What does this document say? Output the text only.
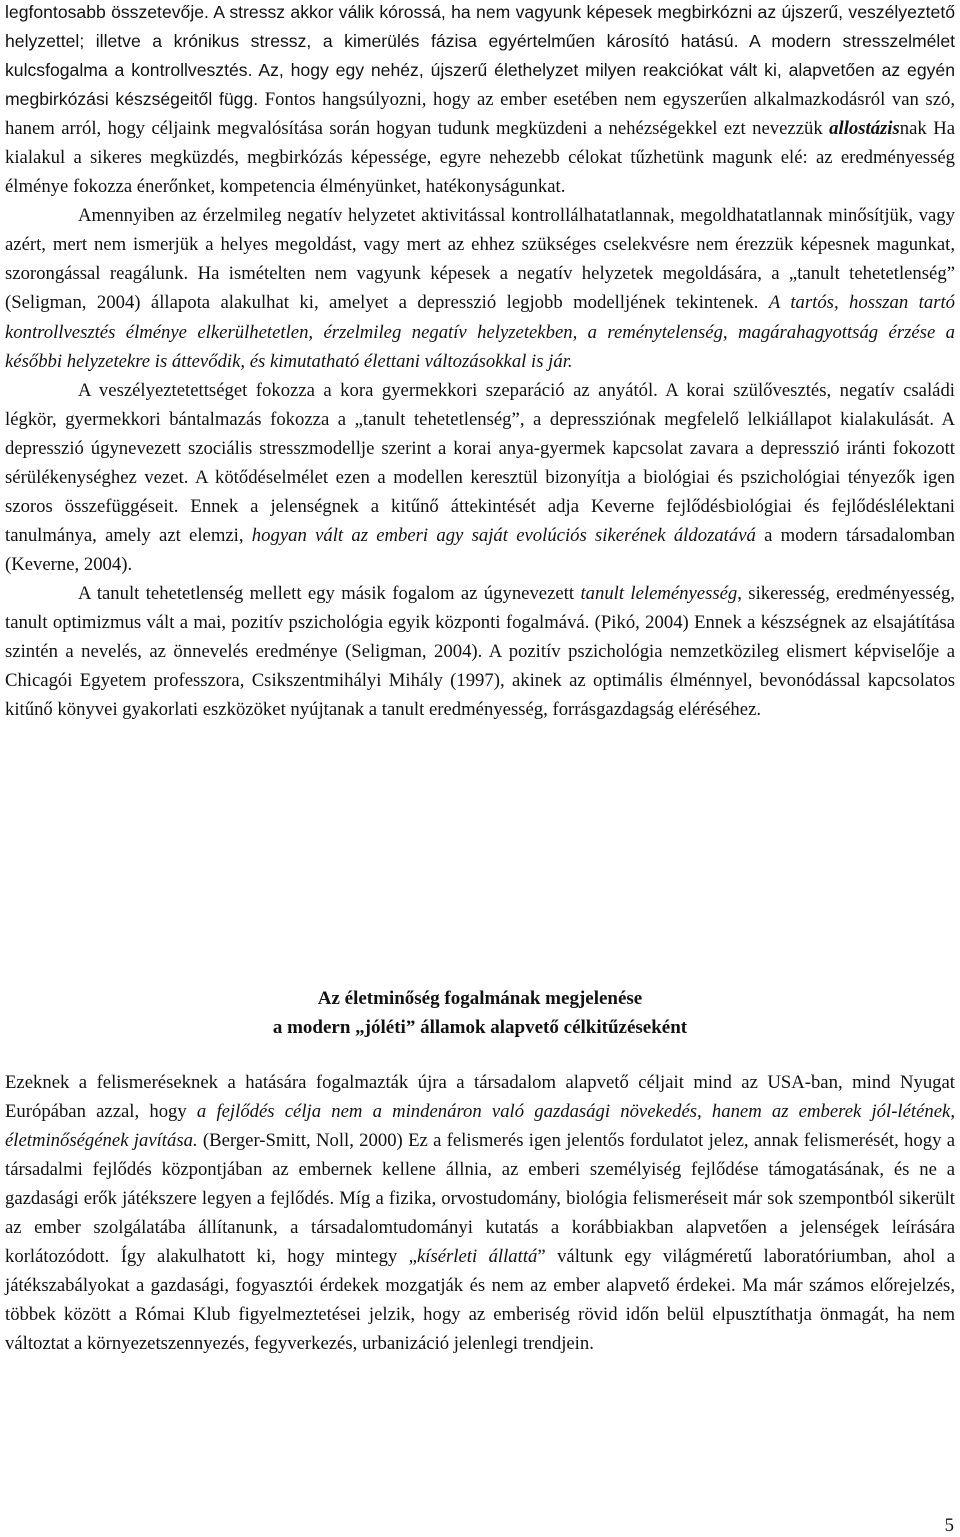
legfontosabb összetevője. A stressz akkor válik kórossá, ha nem vagyunk képesek megbirkózni az újszerű, veszélyeztető helyzettel; illetve a krónikus stressz, a kimerülés fázisa egyértelműen károsító hatású. A modern stresszelmélet kulcsfogalma a kontrollvesztés. Az, hogy egy nehéz, újszerű élethelyzet milyen reakciókat vált ki, alapvetően az egyén megbirkózási készségeitől függ. Fontos hangsúlyozni, hogy az ember esetében nem egyszerűen alkalmazkodásról van szó, hanem arról, hogy céljaink megvalósítása során hogyan tudunk megküzdeni a nehézségekkel ezt nevezzük allostázisnak Ha kialakul a sikeres megküzdés, megbirkózás képessége, egyre nehezebb célokat tűzhetünk magunk elé: az eredményesség élménye fokozza énerőnket, kompetencia élményünket, hatékonyságunkat.

Amennyiben az érzelmileg negatív helyzetet aktivitással kontrollálhatatlannak, megoldhatatlannak minősítjük, vagy azért, mert nem ismerjük a helyes megoldást, vagy mert az ehhez szükséges cselekvésre nem érezzük képesnek magunkat, szorongással reagálunk. Ha ismételten nem vagyunk képesek a negatív helyzetek megoldására, a „tanult tehetetlenség” (Seligman, 2004) állapota alakulhat ki, amelyet a depresszió legjobb modelljének tekintenek. A tartós, hosszan tartó kontrollvesztés élménye elkerülhetetlen, érzelmileg negatív helyzetekben, a reménytelenség, magárahagyottság érzése a későbbi helyzetekre is áttevődik, és kimutatható élettani változásokkal is jár.

A veszélyeztetettséget fokozza a kora gyermekkori szeparáció az anyától. A korai szülővesztés, negatív családi légkör, gyermekkori bántalmazás fokozza a „tanult tehetetlenség”, a depressziónak megfelelő lelkiállapot kialakulását. A depresszió úgynevezett szociális stresszmodellje szerint a korai anya-gyermek kapcsolat zavara a depresszió iránti fokozott sérülékenységhez vezet. A kötődéselmélet ezen a modellen keresztül bizonyítja a biológiai és pszichológiai tényezők igen szoros összefüggéseit. Ennek a jelenségnek a kitűnő áttekintését adja Keverne fejlődésbiológiai és fejlődéslélektani tanulmánya, amely azt elemzi, hogyan vált az emberi agy saját evolúciós sikerének áldozatává a modern társadalomban (Keverne, 2004).

A tanult tehetetlenség mellett egy másik fogalom az úgynevezett tanult leleményesség, sikeresség, eredményesség, tanult optimizmus vált a mai, pozitív pszichológia egyik központi fogalmává. (Pikó, 2004) Ennek a készségnek az elsajátítása szintén a nevelés, az önnevelés eredménye (Seligman, 2004). A pozitív pszichológia nemzetközileg elismert képviselője a Chicagói Egyetem professzora, Csikszentmihályi Mihály (1997), akinek az optimális élménnyel, bevonódással kapcsolatos kitűnő könyvei gyakorlati eszközöket nyújtanak a tanult eredményesség, forrásgazdagság eléréséhez.

Az életminőség fogalmának megjelenése
a modern „jóléti” államok alapvető célkitűzéseként

Ezeknek a felismeréseknek a hatására fogalmazták újra a társadalom alapvető céljait mind az USA-ban, mind Nyugat Európában azzal, hogy a fejlődés célja nem a mindenáron való gazdasági növekedés, hanem az emberek jól-létének, életminőségének javítása. (Berger-Smitt, Noll, 2000) Ez a felismerés igen jelentős fordulatot jelez, annak felismerését, hogy a társadalmi fejlődés központjában az embernek kellene állnia, az emberi személyiség fejlődése támogatásának, és ne a gazdasági erők játékszere legyen a fejlődés. Míg a fizika, orvostudomány, biológia felismeréseit már sok szempontból sikerült az ember szolgálatába állítanunk, a társadalomtudományi kutatás a korábbiakban alapvetően a jelenségek leírására korlátozódott. Így alakulhatott ki, hogy mintegy „kísérleti állattá” váltunk egy világméretű laboratóriumban, ahol a játékszabályokat a gazdasági, fogyasztói érdekek mozgatják és nem az ember alapvető érdekei. Ma már számos előrejelzés, többek között a Római Klub figyelmeztetései jelzik, hogy az emberiség rövid időn belül elpusztíthatja önmagát, ha nem változtat a környezetszennyezés, fegyverkezés, urbanizáció jelenlegi trendjein.

5
